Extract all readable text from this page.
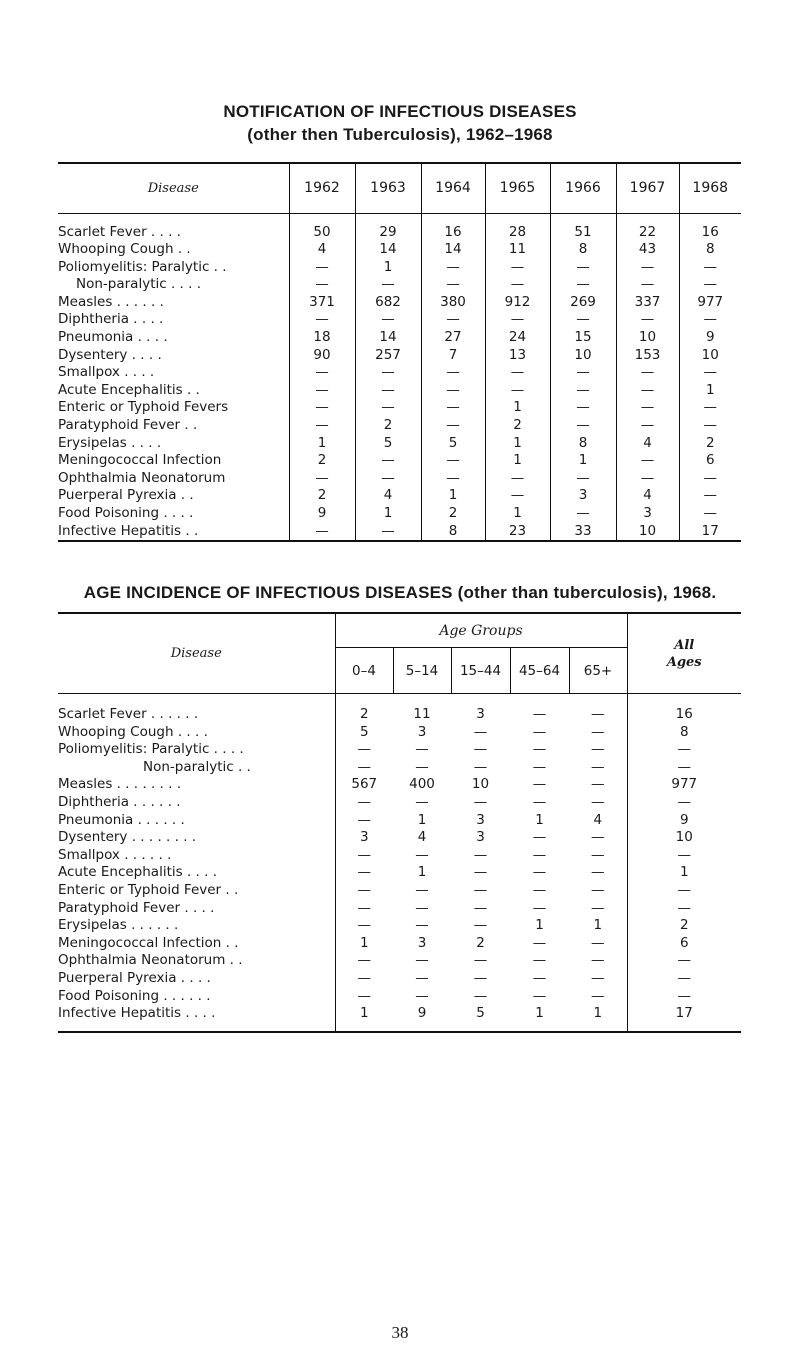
NOTIFICATION OF INFECTIOUS DISEASES
(other then Tuberculosis), 1962–1968
Disease	1962	1963	1964	1965	1966	1967	1968

Scarlet Fever . . . .	50	29	16	28	51	22	16
Whooping Cough . .	4	14	14	11	8	43	8
Poliomyelitis: Paralytic . .	—	1	—	—	—	—	—
Non-paralytic . . . .	—	—	—	—	—	—	—
Measles . . . . . .	371	682	380	912	269	337	977
Diphtheria . . . .	—	—	—	—	—	—	—
Pneumonia . . . .	18	14	27	24	15	10	9
Dysentery . . . .	90	257	7	13	10	153	10
Smallpox . . . .	—	—	—	—	—	—	—
Acute Encephalitis . .	—	—	—	—	—	—	1
Enteric or Typhoid Fevers	—	—	—	1	—	—	—
Paratyphoid Fever . .	—	2	—	2	—	—	—
Erysipelas . . . .	1	5	5	1	8	4	2
Meningococcal Infection	2	—	—	1	1	—	6
Ophthalmia Neonatorum	—	—	—	—	—	—	—
Puerperal Pyrexia . .	2	4	1	—	3	4	—
Food Poisoning . . . .	9	1	2	1	—	3	—
Infective Hepatitis . .	—	—	8	23	33	10	17
AGE INCIDENCE OF INFECTIOUS DISEASES (other than tuberculosis), 1968.
Disease	Age Groups					All
Ages
	0–4	5–14	15–44	45–64	65+	

Scarlet Fever . . . . . .	2	11	3	—	—	16
Whooping Cough . . . .	5	3	—	—	—	8
Poliomyelitis: Paralytic . . . .	—	—	—	—	—	—
Non-paralytic . .	—	—	—	—	—	—
Measles . . . . . . . .	567	400	10	—	—	977
Diphtheria . . . . . .	—	—	—	—	—	—
Pneumonia . . . . . .	—	1	3	1	4	9
Dysentery . . . . . . . .	3	4	3	—	—	10
Smallpox . . . . . .	—	—	—	—	—	—
Acute Encephalitis . . . .	—	1	—	—	—	1
Enteric or Typhoid Fever . .	—	—	—	—	—	—
Paratyphoid Fever . . . .	—	—	—	—	—	—
Erysipelas . . . . . .	—	—	—	1	1	2
Meningococcal Infection . .	1	3	2	—	—	6
Ophthalmia Neonatorum . .	—	—	—	—	—	—
Puerperal Pyrexia . . . .	—	—	—	—	—	—
Food Poisoning . . . . . .	—	—	—	—	—	—
Infective Hepatitis . . . .	1	9	5	1	1	17
38
